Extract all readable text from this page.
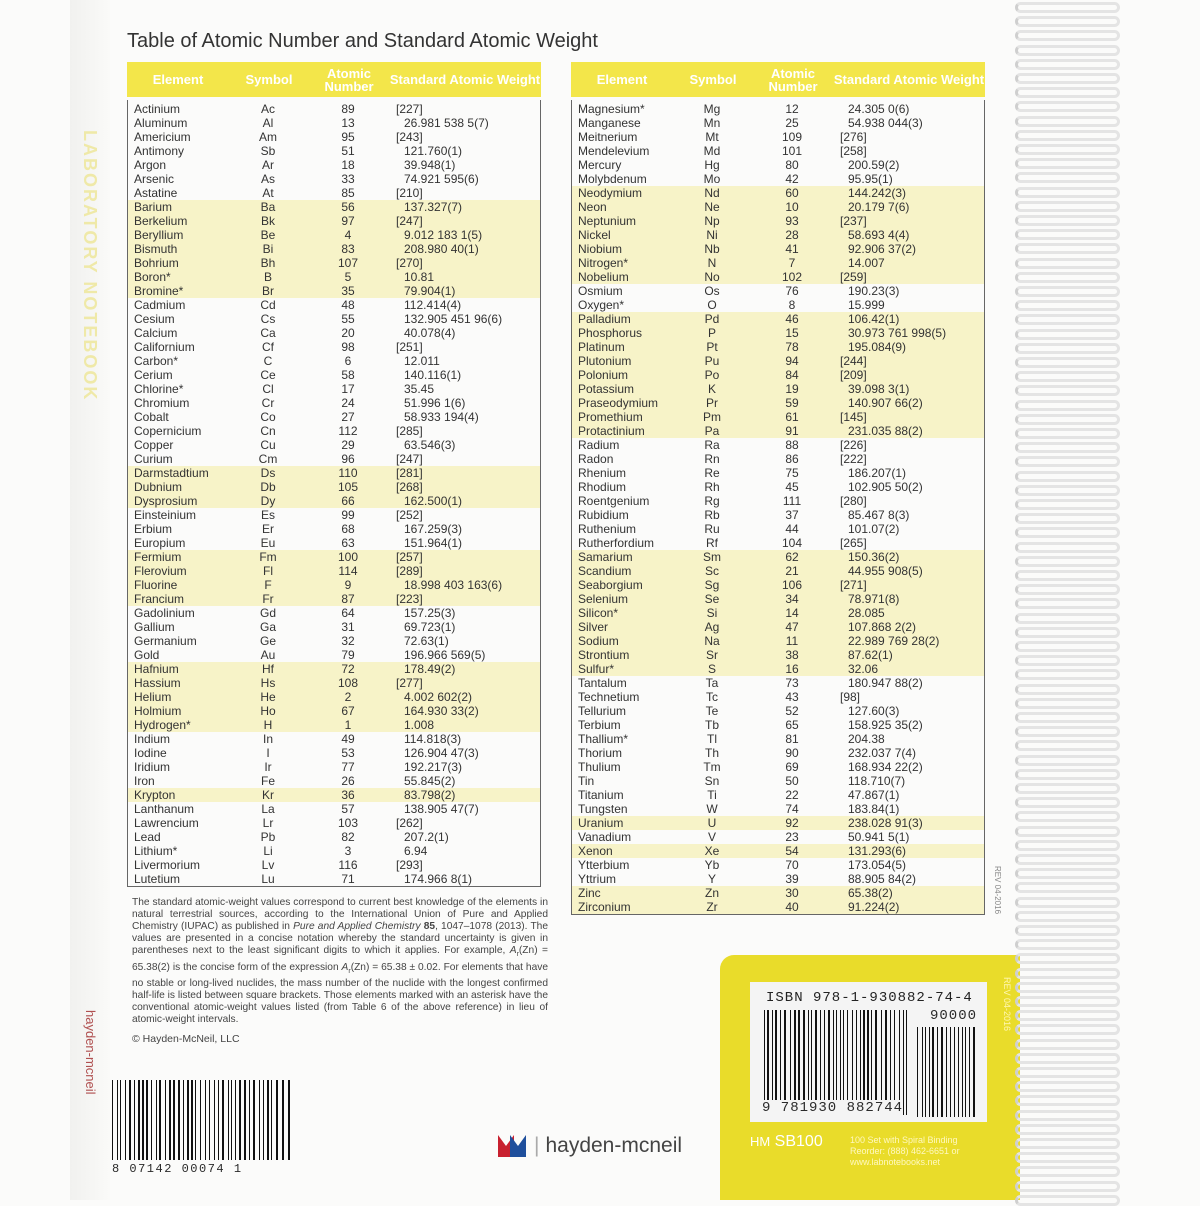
LABORATORY NOTEBOOK
hayden-mcneil
Table of Atomic Number and Standard Atomic Weight
Element	Symbol	Atomic Number	Standard Atomic Weight
Actinium	Ac	89	[227]
Aluminum	Al	13	26.981 538 5(7)
Americium	Am	95	[243]
Antimony	Sb	51	121.760(1)
Argon	Ar	18	39.948(1)
Arsenic	As	33	74.921 595(6)
Astatine	At	85	[210]
Barium	Ba	56	137.327(7)
Berkelium	Bk	97	[247]
Beryllium	Be	4	9.012 183 1(5)
Bismuth	Bi	83	208.980 40(1)
Bohrium	Bh	107	[270]
Boron*	B	5	10.81
Bromine*	Br	35	79.904(1)
Cadmium	Cd	48	112.414(4)
Cesium	Cs	55	132.905 451 96(6)
Calcium	Ca	20	40.078(4)
Californium	Cf	98	[251]
Carbon*	C	6	12.011
Cerium	Ce	58	140.116(1)
Chlorine*	Cl	17	35.45
Chromium	Cr	24	51.996 1(6)
Cobalt	Co	27	58.933 194(4)
Copernicium	Cn	112	[285]
Copper	Cu	29	63.546(3)
Curium	Cm	96	[247]
Darmstadtium	Ds	110	[281]
Dubnium	Db	105	[268]
Dysprosium	Dy	66	162.500(1)
Einsteinium	Es	99	[252]
Erbium	Er	68	167.259(3)
Europium	Eu	63	151.964(1)
Fermium	Fm	100	[257]
Flerovium	Fl	114	[289]
Fluorine	F	9	18.998 403 163(6)
Francium	Fr	87	[223]
Gadolinium	Gd	64	157.25(3)
Gallium	Ga	31	69.723(1)
Germanium	Ge	32	72.63(1)
Gold	Au	79	196.966 569(5)
Hafnium	Hf	72	178.49(2)
Hassium	Hs	108	[277]
Helium	He	2	4.002 602(2)
Holmium	Ho	67	164.930 33(2)
Hydrogen*	H	1	1.008
Indium	In	49	114.818(3)
Iodine	I	53	126.904 47(3)
Iridium	Ir	77	192.217(3)
Iron	Fe	26	55.845(2)
Krypton	Kr	36	83.798(2)
Lanthanum	La	57	138.905 47(7)
Lawrencium	Lr	103	[262]
Lead	Pb	82	207.2(1)
Lithium*	Li	3	6.94
Livermorium	Lv	116	[293]
Lutetium	Lu	71	174.966 8(1)
Element	Symbol	Atomic Number	Standard Atomic Weight
Magnesium*	Mg	12	24.305 0(6)
Manganese	Mn	25	54.938 044(3)
Meitnerium	Mt	109	[276]
Mendelevium	Md	101	[258]
Mercury	Hg	80	200.59(2)
Molybdenum	Mo	42	95.95(1)
Neodymium	Nd	60	144.242(3)
Neon	Ne	10	20.179 7(6)
Neptunium	Np	93	[237]
Nickel	Ni	28	58.693 4(4)
Niobium	Nb	41	92.906 37(2)
Nitrogen*	N	7	14.007
Nobelium	No	102	[259]
Osmium	Os	76	190.23(3)
Oxygen*	O	8	15.999
Palladium	Pd	46	106.42(1)
Phosphorus	P	15	30.973 761 998(5)
Platinum	Pt	78	195.084(9)
Plutonium	Pu	94	[244]
Polonium	Po	84	[209]
Potassium	K	19	39.098 3(1)
Praseodymium	Pr	59	140.907 66(2)
Promethium	Pm	61	[145]
Protactinium	Pa	91	231.035 88(2)
Radium	Ra	88	[226]
Radon	Rn	86	[222]
Rhenium	Re	75	186.207(1)
Rhodium	Rh	45	102.905 50(2)
Roentgenium	Rg	111	[280]
Rubidium	Rb	37	85.467 8(3)
Ruthenium	Ru	44	101.07(2)
Rutherfordium	Rf	104	[265]
Samarium	Sm	62	150.36(2)
Scandium	Sc	21	44.955 908(5)
Seaborgium	Sg	106	[271]
Selenium	Se	34	78.971(8)
Silicon*	Si	14	28.085
Silver	Ag	47	107.868 2(2)
Sodium	Na	11	22.989 769 28(2)
Strontium	Sr	38	87.62(1)
Sulfur*	S	16	32.06
Tantalum	Ta	73	180.947 88(2)
Technetium	Tc	43	[98]
Tellurium	Te	52	127.60(3)
Terbium	Tb	65	158.925 35(2)
Thallium*	Tl	81	204.38
Thorium	Th	90	232.037 7(4)
Thulium	Tm	69	168.934 22(2)
Tin	Sn	50	118.710(7)
Titanium	Ti	22	47.867(1)
Tungsten	W	74	183.84(1)
Uranium	U	92	238.028 91(3)
Vanadium	V	23	50.941 5(1)
Xenon	Xe	54	131.293(6)
Ytterbium	Yb	70	173.054(5)
Yttrium	Y	39	88.905 84(2)
Zinc	Zn	30	65.38(2)
Zirconium	Zr	40	91.224(2)	REV 04-2016
The standard atomic-weight values correspond to current best knowledge of the elements in natural terrestrial sources, according to the International Union of Pure and Applied Chemistry (IUPAC) as published in Pure and Applied Chemistry 85, 1047–1078 (2013). The values are presented in a concise notation whereby the standard uncertainty is given in parentheses next to the least significant digits to which it applies. For example, $A_r(Zn) = 65.38(2)$ is the concise form of the expression $A_r(Zn) = 65.38 \pm 0.02$. For elements that have no stable or long-lived nuclides, the mass number of the nuclide with the longest confirmed half-life is listed between square brackets. Those elements marked with an asterisk have the conventional atomic-weight values listed (from Table 6 of the above reference) in lieu of atomic-weight intervals.
© Hayden-McNeil, LLC
8 07142 00074 1
| hayden-mcneil
REV 04-2016
ISBN 978-1-930882-74-4
90000
9 781930 882744
HM SB100	100 Set with Spiral Binding
Reorder: (888) 462-6651 or
www.labnotebooks.net
